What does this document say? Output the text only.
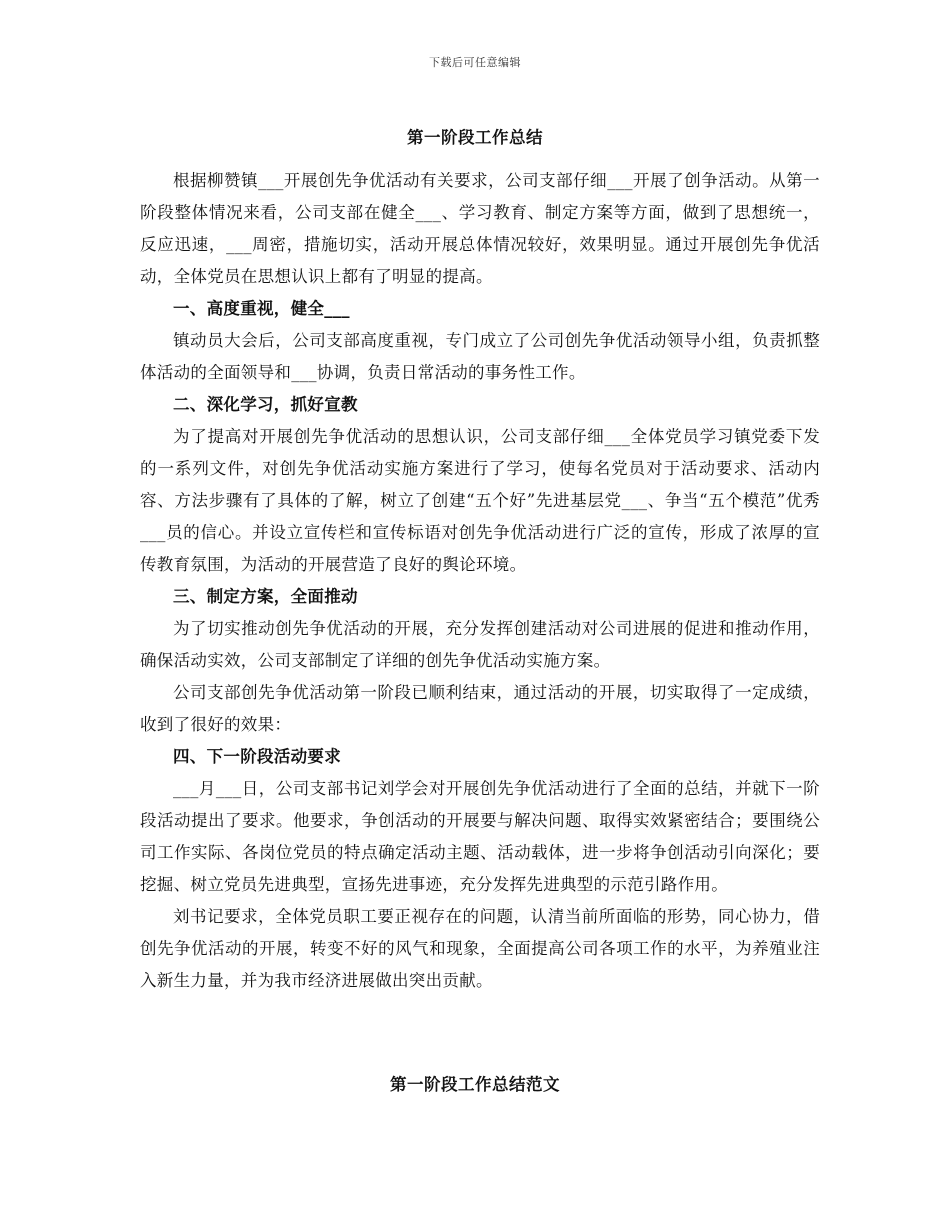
下载后可任意编辑
第一阶段工作总结

根据柳赞镇___开展创先争优活动有关要求，公司支部仔细___开展了创争活动。从第一阶段整体情况来看，公司支部在健全___、学习教育、制定方案等方面，做到了思想统一，反应迅速，___周密，措施切实，活动开展总体情况较好，效果明显。通过开展创先争优活动，全体党员在思想认识上都有了明显的提高。

一、高度重视，健全___

镇动员大会后，公司支部高度重视，专门成立了公司创先争优活动领导小组，负责抓整体活动的全面领导和___协调，负责日常活动的事务性工作。

二、深化学习，抓好宣教

为了提高对开展创先争优活动的思想认识，公司支部仔细___全体党员学习镇党委下发的一系列文件，对创先争优活动实施方案进行了学习，使每名党员对于活动要求、活动内容、方法步骤有了具体的了解，树立了创建“五个好”先进基层党___、争当“五个模范”优秀___员的信心。并设立宣传栏和宣传标语对创先争优活动进行广泛的宣传，形成了浓厚的宣传教育氛围，为活动的开展营造了良好的舆论环境。

三、制定方案，全面推动

为了切实推动创先争优活动的开展，充分发挥创建活动对公司进展的促进和推动作用，确保活动实效，公司支部制定了详细的创先争优活动实施方案。

公司支部创先争优活动第一阶段已顺利结束，通过活动的开展，切实取得了一定成绩，收到了很好的效果：

四、下一阶段活动要求

___月___日，公司支部书记刘学会对开展创先争优活动进行了全面的总结，并就下一阶段活动提出了要求。他要求，争创活动的开展要与解决问题、取得实效紧密结合；要围绕公司工作实际、各岗位党员的特点确定活动主题、活动载体，进一步将争创活动引向深化；要挖掘、树立党员先进典型，宣扬先进事迹，充分发挥先进典型的示范引路作用。

刘书记要求，全体党员职工要正视存在的问题，认清当前所面临的形势，同心协力，借创先争优活动的开展，转变不好的风气和现象，全面提高公司各项工作的水平，为养殖业注入新生力量，并为我市经济进展做出突出贡献。

第一阶段工作总结范文
